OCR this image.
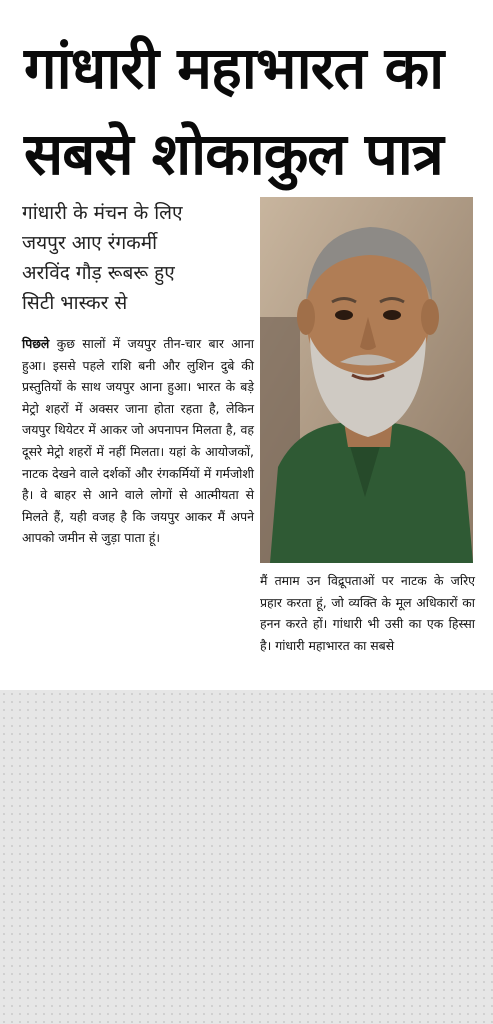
गांधारी महाभारत का
सबसे शोकाकुल पात्र
गांधारी के मंचन के लिए
जयपुर आए रंगकर्मी
अरविंद गौड़ रूबरू हुए
सिटी भास्कर से
पिछले कुछ सालों में जयपुर तीन-चार बार आना हुआ। इससे पहले राशि बनी और लुशिन दुबे की प्रस्तुतियों के साथ जयपुर आना हुआ। भारत के बड़े मेट्रो शहरों में अक्सर जाना होता रहता है, लेकिन जयपुर थियेटर में आकर जो अपनापन मिलता है, वह दूसरे मेट्रो शहरों में नहीं मिलता। यहां के आयोजकों, नाटक देखने वाले दर्शकों और रंगकर्मियों में गर्मजोशी है। वे बाहर से आने वाले लोगों से आत्मीयता से मिलते हैं, यही वजह है कि जयपुर आकर मैं अपने आपको जमीन से जुड़ा पाता हूं।
मैं तमाम उन विद्रूपताओं पर नाटक के जरिए प्रहार करता हूं, जो व्यक्ति के मूल अधिकारों का हनन करते हों। गांधारी भी उसी का एक हिस्सा है। गांधारी महाभारत का सबसे
